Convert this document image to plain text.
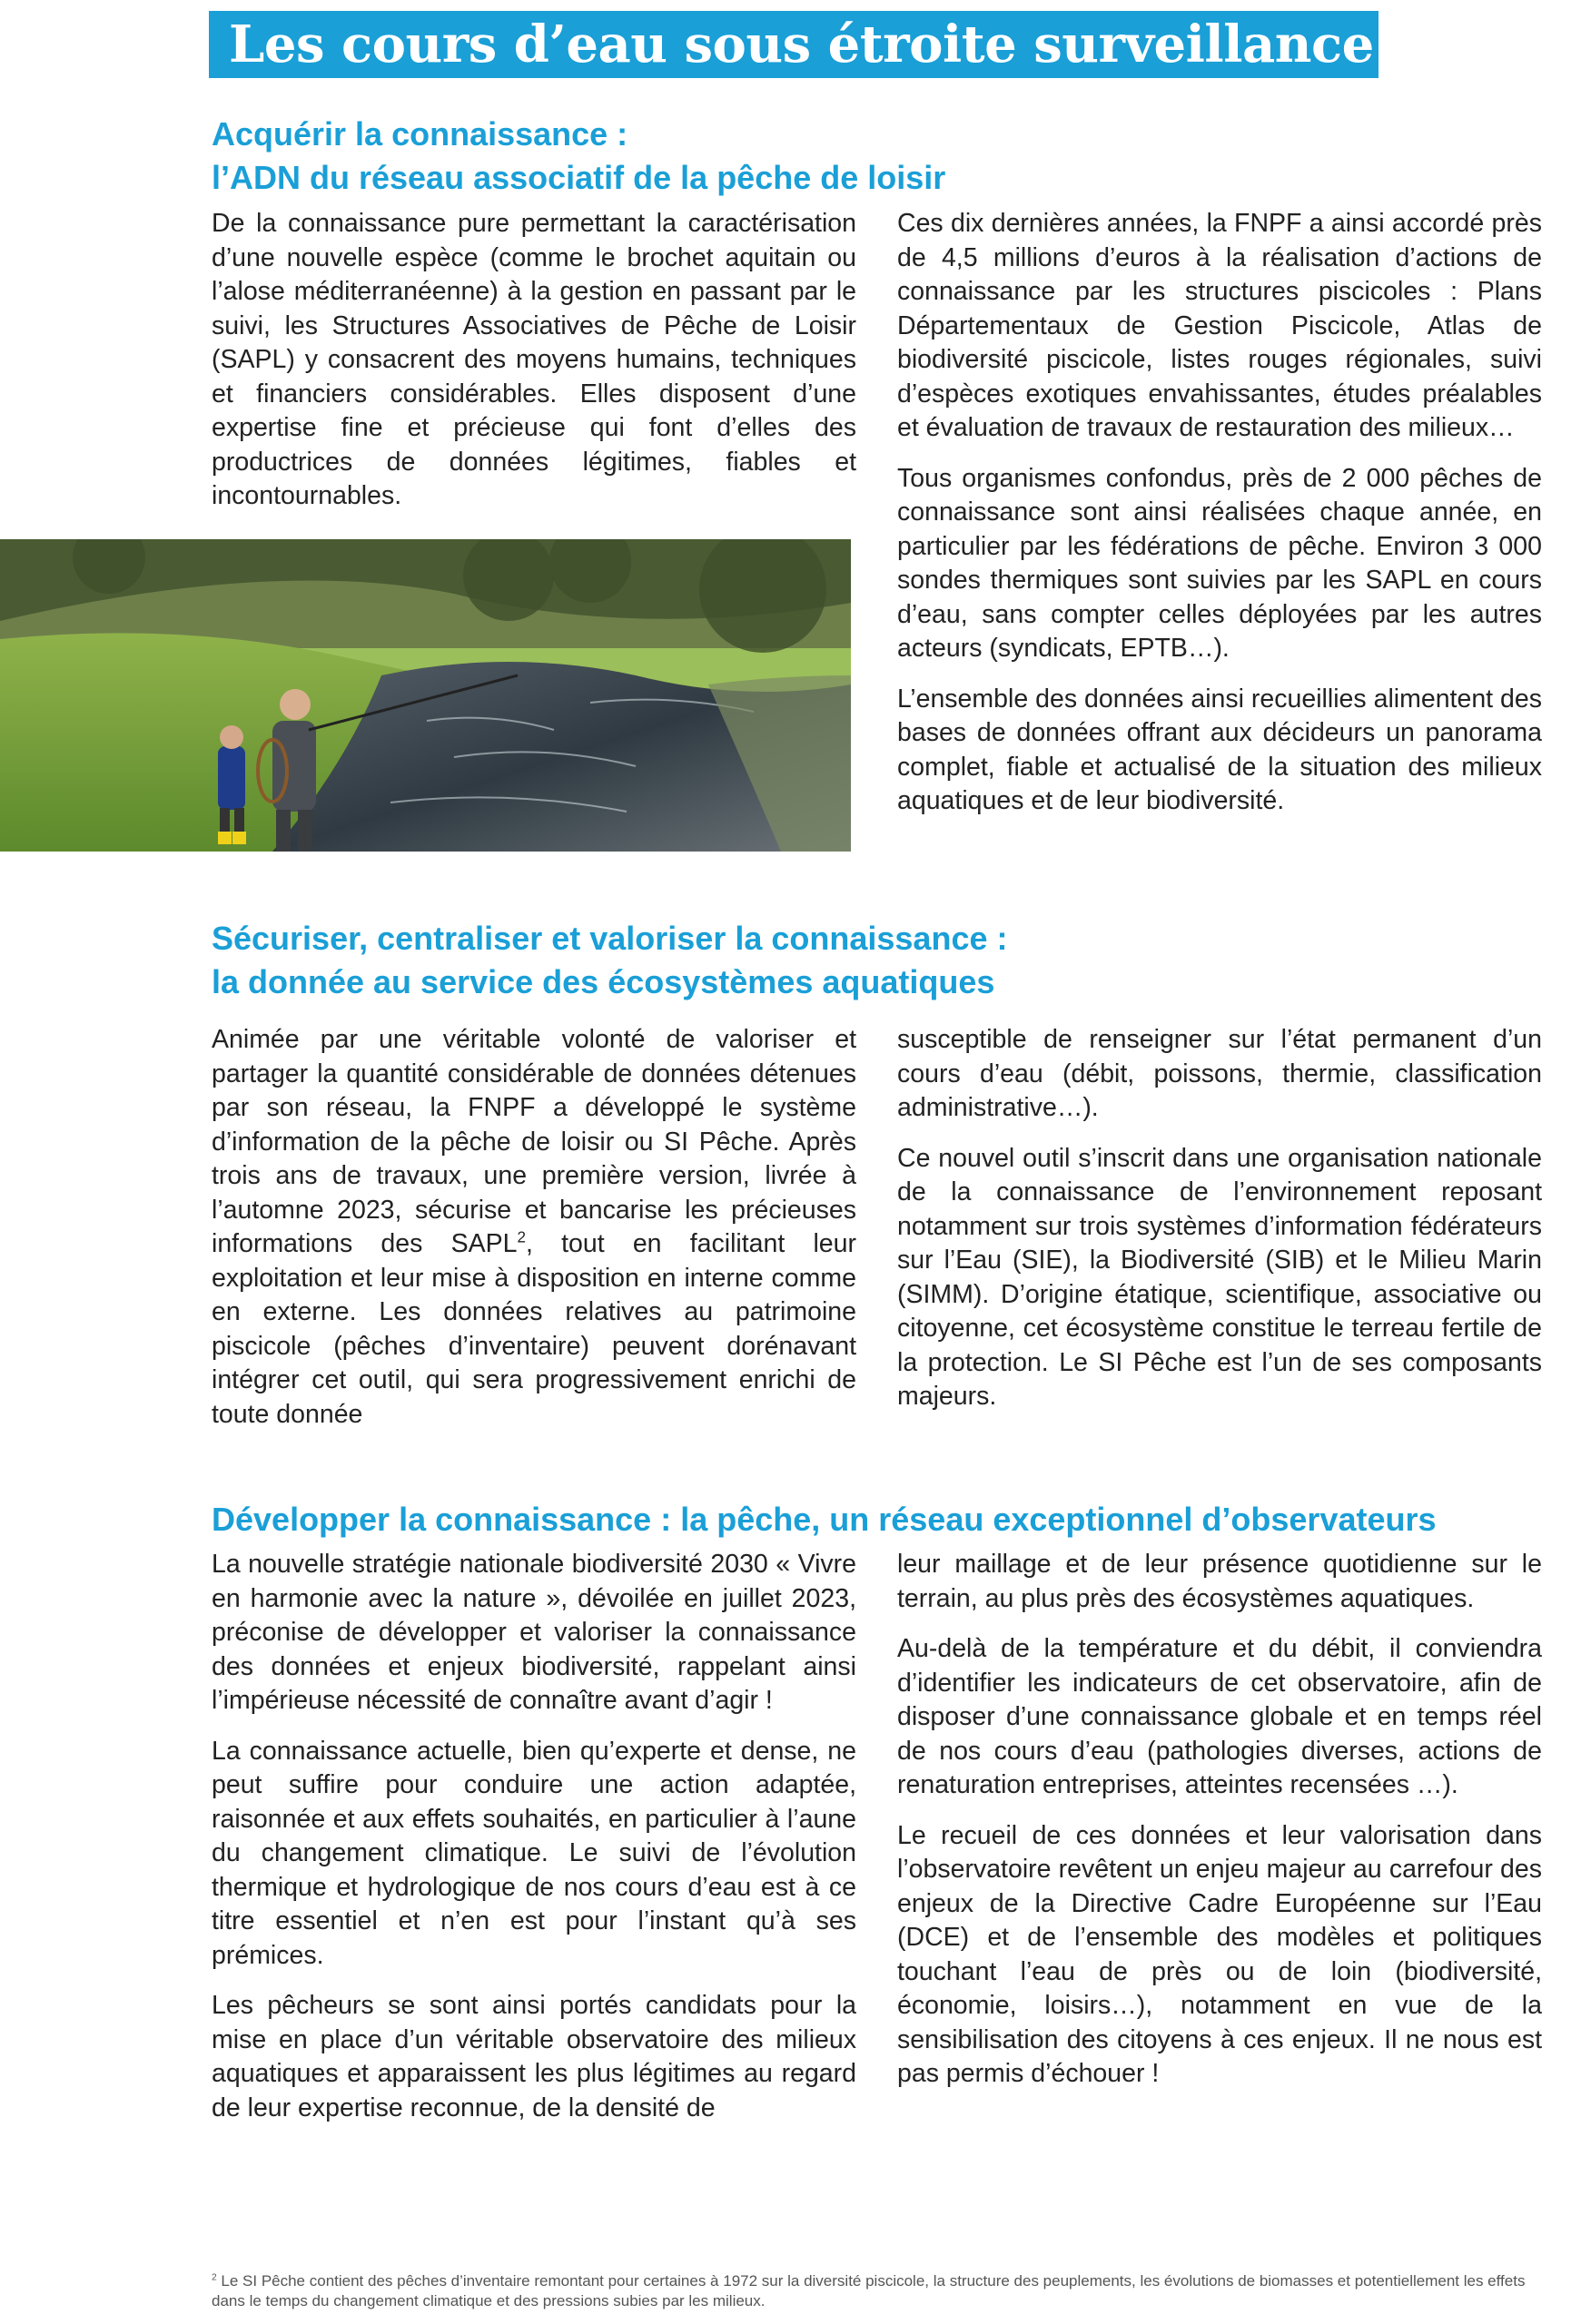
Les cours d’eau sous étroite surveillance
Acquérir la connaissance :
l’ADN du réseau associatif de la pêche de loisir

De la connaissance pure permettant la caractérisation d’une nouvelle espèce (comme le brochet aquitain ou l’alose méditerranéenne) à la gestion en passant par le suivi, les Structures Associatives de Pêche de Loisir (SAPL) y consacrent des moyens humains, techniques et financiers considérables. Elles disposent d’une expertise fine et précieuse qui font d’elles des productrices de données légitimes, fiables et incontournables.

Ces dix dernières années, la FNPF a ainsi accordé près de 4,5 millions d’euros à la réalisation d’actions de connaissance par les structures piscicoles : Plans Départementaux de Gestion Piscicole, Atlas de biodiversité piscicole, listes rouges régionales, suivi d’espèces exotiques envahissantes, études préalables et évaluation de travaux de restauration des milieux…

Tous organismes confondus, près de 2 000 pêches de connaissance sont ainsi réalisées chaque année, en particulier par les fédérations de pêche. Environ 3 000 sondes thermiques sont suivies par les SAPL en cours d’eau, sans compter celles déployées par les autres acteurs (syndicats, EPTB…).

L’ensemble des données ainsi recueillies alimentent des bases de données offrant aux décideurs un panorama complet, fiable et actualisé de la situation des milieux aquatiques et de leur biodiversité.

Sécuriser, centraliser et valoriser la connaissance :
la donnée au service des écosystèmes aquatiques

Animée par une véritable volonté de valoriser et partager la quantité considérable de données détenues par son réseau, la FNPF a développé le système d’information de la pêche de loisir ou SI Pêche. Après trois ans de travaux, une première version, livrée à l’automne 2023, sécurise et bancarise les précieuses informations des SAPL$^2$, tout en facilitant leur exploitation et leur mise à disposition en interne comme en externe. Les données relatives au patrimoine piscicole (pêches d’inventaire) peuvent dorénavant intégrer cet outil, qui sera progressivement enrichi de toute donnée

susceptible de renseigner sur l’état permanent d’un cours d’eau (débit, poissons, thermie, classification administrative…).

Ce nouvel outil s’inscrit dans une organisation nationale de la connaissance de l’environnement reposant notamment sur trois systèmes d’information fédérateurs sur l’Eau (SIE), la Biodiversité (SIB) et le Milieu Marin (SIMM). D’origine étatique, scientifique, associative ou citoyenne, cet écosystème constitue le terreau fertile de la protection. Le SI Pêche est l’un de ses composants majeurs.

Développer la connaissance : la pêche, un réseau exceptionnel d’observateurs

La nouvelle stratégie nationale biodiversité 2030 « Vivre en harmonie avec la nature », dévoilée en juillet 2023, préconise de développer et valoriser la connaissance des données et enjeux biodiversité, rappelant ainsi l’impérieuse nécessité de connaître avant d’agir !

La connaissance actuelle, bien qu’experte et dense, ne peut suffire pour conduire une action adaptée, raisonnée et aux effets souhaités, en particulier à l’aune du changement climatique. Le suivi de l’évolution thermique et hydrologique de nos cours d’eau est à ce titre essentiel et n’en est pour l’instant qu’à ses prémices.

Les pêcheurs se sont ainsi portés candidats pour la mise en place d’un véritable observatoire des milieux aquatiques et apparaissent les plus légitimes au regard de leur expertise reconnue, de la densité de

leur maillage et de leur présence quotidienne sur le terrain, au plus près des écosystèmes aquatiques.

Au-delà de la température et du débit, il conviendra d’identifier les indicateurs de cet observatoire, afin de disposer d’une connaissance globale et en temps réel de nos cours d’eau (pathologies diverses, actions de renaturation entreprises, atteintes recensées …).

Le recueil de ces données et leur valorisation dans l’observatoire revêtent un enjeu majeur au carrefour des enjeux de la Directive Cadre Européenne sur l’Eau (DCE) et de l’ensemble des modèles et politiques touchant l’eau de près ou de loin (biodiversité, économie, loisirs…), notamment en vue de la sensibilisation des citoyens à ces enjeux. Il ne nous est pas permis d’échouer !

$^2$ Le SI Pêche contient des pêches d’inventaire remontant pour certaines à 1972 sur la diversité piscicole, la structure des peuplements, les évolutions de biomasses et potentiellement les effets dans le temps du changement climatique et des pressions subies par les milieux.
